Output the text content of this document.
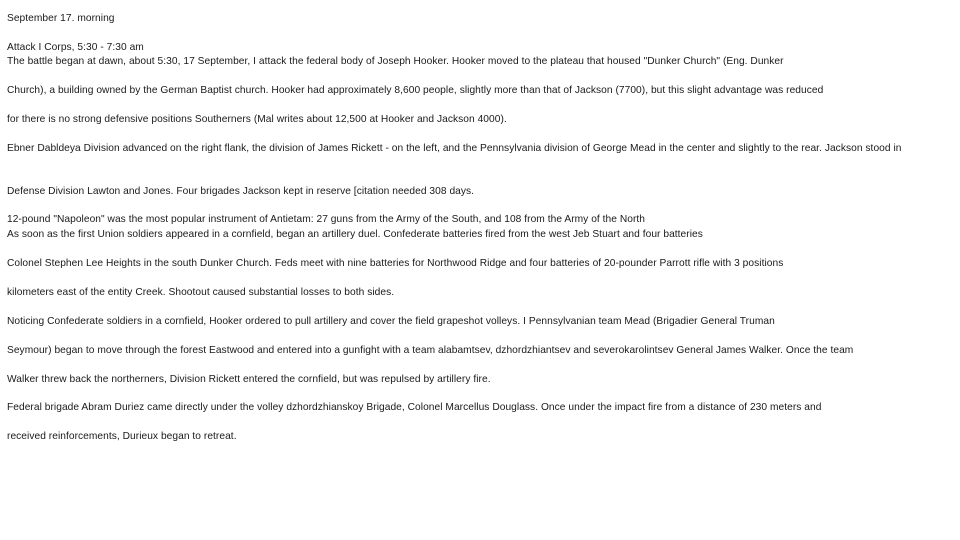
September 17. morning
Attack I Corps, 5:30 - 7:30 am
The battle began at dawn, about 5:30, 17 September, I attack the federal body of Joseph Hooker. Hooker moved to the plateau that housed "Dunker Church" (Eng. Dunker
Church), a building owned by the German Baptist church. Hooker had approximately 8,600 people, slightly more than that of Jackson (7700), but this slight advantage was reduced
for there is no strong defensive positions Southerners (Mal writes about 12,500 at Hooker and Jackson 4000).
Ebner Dabldeya Division advanced on the right flank, the division of James Rickett - on the left, and the Pennsylvania division of George Mead in the center and slightly to the rear. Jackson stood in
Defense Division Lawton and Jones. Four brigades Jackson kept in reserve [citation needed 308 days.
12-pound "Napoleon" was the most popular instrument of Antietam: 27 guns from the Army of the South, and 108 from the Army of the North
As soon as the first Union soldiers appeared in a cornfield, began an artillery duel. Confederate batteries fired from the west Jeb Stuart and four batteries
Colonel Stephen Lee Heights in the south Dunker Church. Feds meet with nine batteries for Northwood Ridge and four batteries of 20-pounder Parrott rifle with 3 positions
kilometers east of the entity Creek. Shootout caused substantial losses to both sides.
Noticing Confederate soldiers in a cornfield, Hooker ordered to pull artillery and cover the field grapeshot volleys. I Pennsylvanian team Mead (Brigadier General Truman
Seymour) began to move through the forest Eastwood and entered into a gunfight with a team alabamtsev, dzhordzhiantsev and severokarolintsev General James Walker. Once the team
Walker threw back the northerners, Division Rickett entered the cornfield, but was repulsed by artillery fire.
Federal brigade Abram Duriez came directly under the volley dzhordzhianskoy Brigade, Colonel Marcellus Douglass. Once under the impact fire from a distance of 230 meters and
received reinforcements, Durieux began to retreat.
